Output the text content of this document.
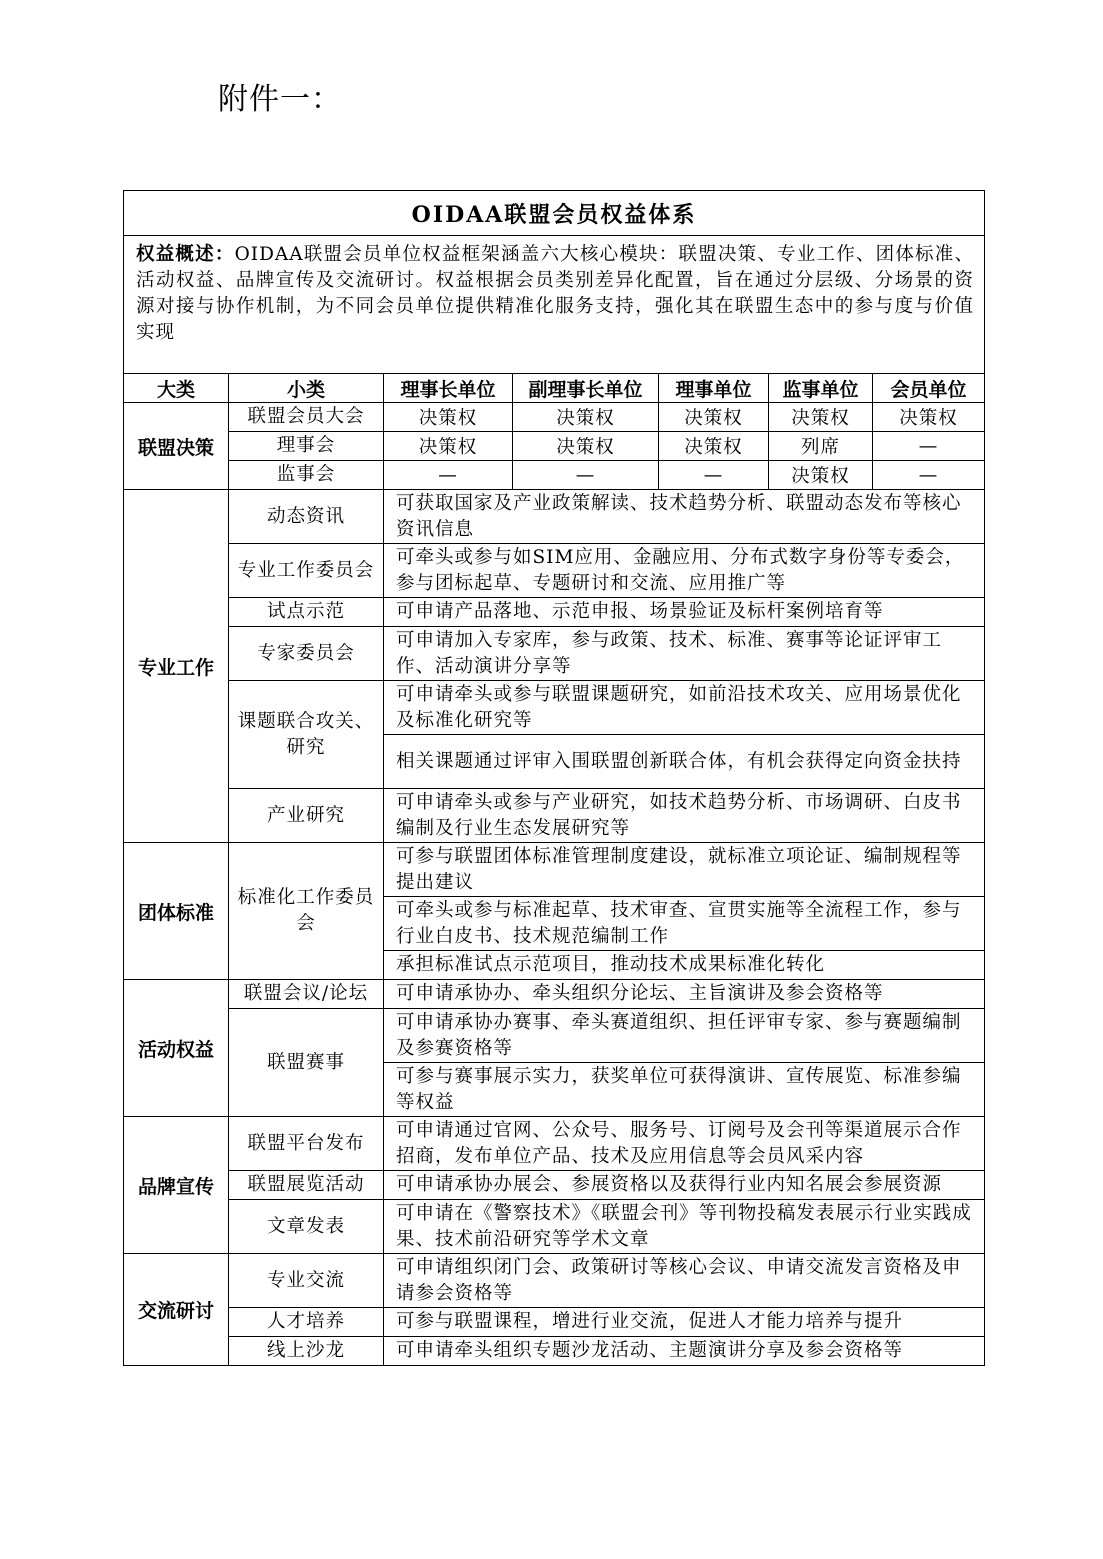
附件一：
OIDAA联盟会员权益体系						
权益概述：OIDAA联盟会员单位权益框架涵盖六大核心模块：联盟决策、专业工作、团体标准、活动权益、品牌宣传及交流研讨。权益根据会员类别差异化配置，旨在通过分层级、分场景的资源对接与协作机制，为不同会员单位提供精准化服务支持，强化其在联盟生态中的参与度与价值实现						
大类	小类	理事长单位	副理事长单位	理事单位	监事单位	会员单位
联盟决策	联盟会员大会	决策权	决策权	决策权	决策权	决策权
	理事会	决策权	决策权	决策权	列席	—
	监事会	—	—	—	决策权	—
专业工作	动态资讯	可获取国家及产业政策解读、技术趋势分析、联盟动态发布等核心资讯信息				
	专业工作委员会	可牵头或参与如SIM应用、金融应用、分布式数字身份等专委会，参与团标起草、专题研讨和交流、应用推广等				
	试点示范	可申请产品落地、示范申报、场景验证及标杆案例培育等				
	专家委员会	可申请加入专家库，参与政策、技术、标准、赛事等论证评审工作、活动演讲分享等				
	课题联合攻关、研究	可申请牵头或参与联盟课题研究，如前沿技术攻关、应用场景优化及标准化研究等				
		相关课题通过评审入围联盟创新联合体，有机会获得定向资金扶持				
	产业研究	可申请牵头或参与产业研究，如技术趋势分析、市场调研、白皮书编制及行业生态发展研究等				

团体标准	标准化工作委员会	可参与联盟团体标准管理制度建设，就标准立项论证、编制规程等提出建议				
		可牵头或参与标准起草、技术审查、宣贯实施等全流程工作，参与行业白皮书、技术规范编制工作				
		承担标准试点示范项目，推动技术成果标准化转化				
活动权益	联盟会议/论坛	可申请承协办、牵头组织分论坛、主旨演讲及参会资格等				
	联盟赛事	可申请承协办赛事、牵头赛道组织、担任评审专家、参与赛题编制及参赛资格等				
		可参与赛事展示实力，获奖单位可获得演讲、宣传展览、标准参编等权益				
品牌宣传	联盟平台发布	可申请通过官网、公众号、服务号、订阅号及会刊等渠道展示合作招商，发布单位产品、技术及应用信息等会员风采内容				
	联盟展览活动	可申请承协办展会、参展资格以及获得行业内知名展会参展资源				
	文章发表	可申请在《警察技术》《联盟会刊》等刊物投稿发表展示行业实践成果、技术前沿研究等学术文章				
交流研讨	专业交流	可申请组织闭门会、政策研讨等核心会议、申请交流发言资格及申请参会资格等				
	人才培养	可参与联盟课程，增进行业交流，促进人才能力培养与提升				
	线上沙龙	可申请牵头组织专题沙龙活动、主题演讲分享及参会资格等				
